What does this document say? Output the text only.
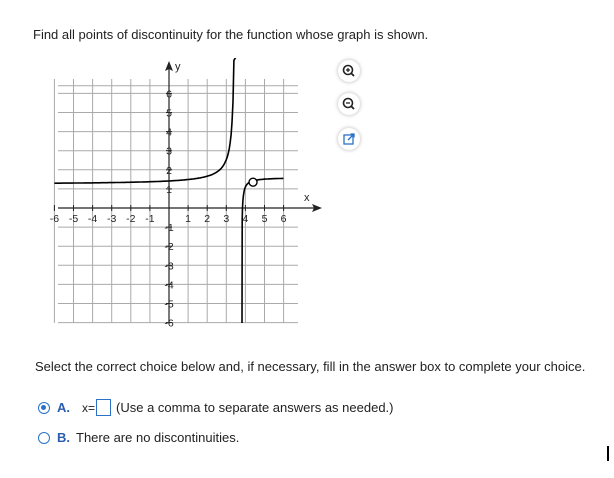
Find all points of discontinuity for the function whose graph is shown.
x
y
-6 -5 -4 -3 -2 -1	1 2 3 4 5 6
6
5
4
3
2
1
-1
-2
-3
-4
-5
-6
Select the correct choice below and, if necessary, fill in the answer box to complete your choice.
A. x= (Use a comma to separate answers as needed.)
B. There are no discontinuities.
